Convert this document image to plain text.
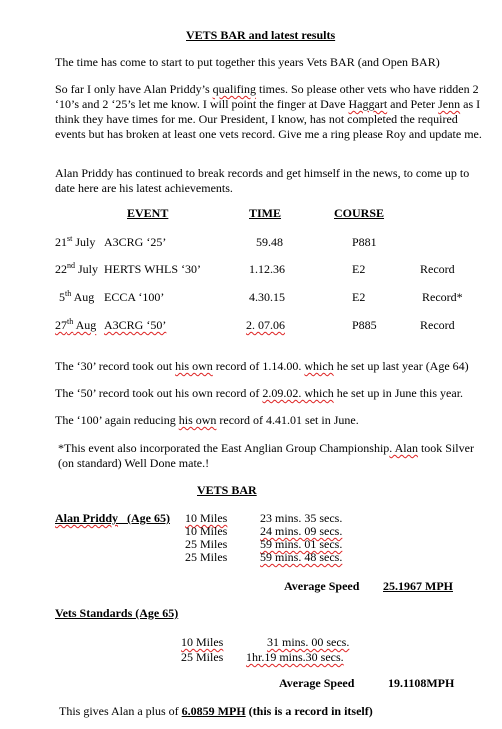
VETS BAR and latest results
The time has come to start to put together this years Vets BAR (and Open BAR)
So far I only have Alan Priddy’s qualifing times. So please other vets who have ridden 2 ‘10’s and 2 ‘25’s let me know. I will point the finger at Dave Haggart and Peter Jenn as I think they have times for me. Our President, I know, has not completed the required events but has broken at least one vets record. Give me a ring please Roy and update me.
Alan Priddy has continued to break records and get himself in the news, to come up to date here are his latest achievements.
EVENT	TIME	COURSE
21st July A3CRG ‘25’	59.48	P881
22nd July HERTS WHLS ‘30’	1.12.36	E2	Record
5th Aug ECCA ‘100’	4.30.15	E2	Record*
27th Aug A3CRG ‘50’	2. 07.06	P885	Record
The ‘30’ record took out his own record of 1.14.00. which he set up last year (Age 64)
The ‘50’ record took out his own record of 2.09.02. which he set up in June this year.
The ‘100’ again reducing his own record of 4.41.01 set in June.
*This event also incorporated the East Anglian Group Championship. Alan took Silver (on standard) Well Done mate.!
VETS BAR
Alan Priddy (Age 65) 10 Miles	23 mins. 35 secs.
10 Miles	24 mins. 09 secs.
25 Miles	59 mins. 01 secs.
25 Miles	59 mins. 48 secs.
Average Speed 25.1967 MPH
Vets Standards (Age 65)
10 Miles	31 mins. 00 secs.
25 Miles 1hr.19 mins.30 secs.
Average Speed	19.1108MPH
This gives Alan a plus of 6.0859 MPH (this is a record in itself)
